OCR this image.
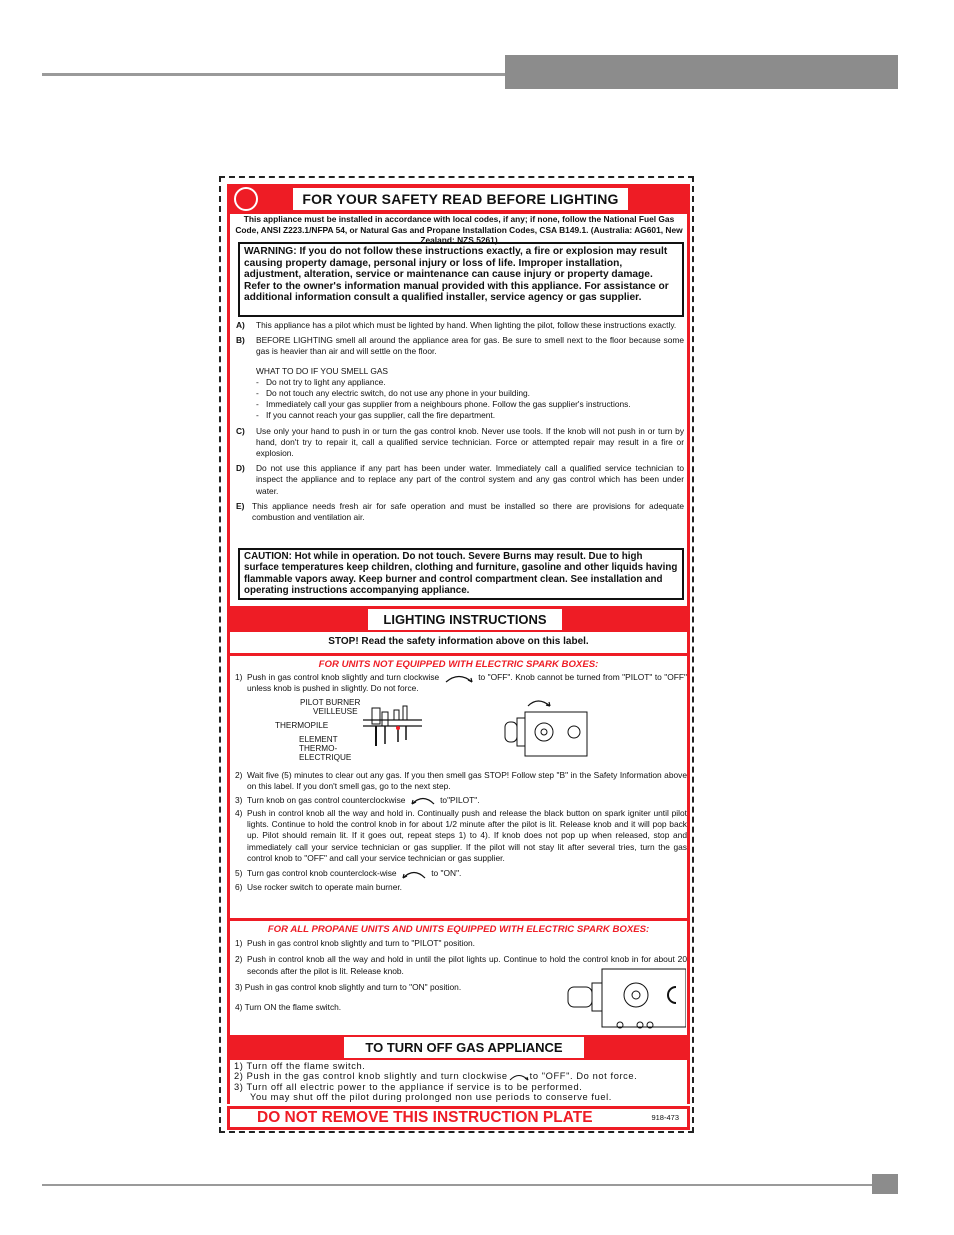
FOR YOUR SAFETY READ BEFORE LIGHTING
This appliance must be installed in accordance with local codes, if any; if none, follow the National Fuel Gas Code, ANSI Z223.1/NFPA 54, or Natural Gas and Propane Installation Codes, CSA B149.1. (Australia: AG601, New Zealand: NZS 5261)
WARNING: If you do not follow these instructions exactly, a fire or explosion may result causing property damage, personal injury or loss of life. Improper installation, adjustment, alteration, service or maintenance can cause injury or property damage. Refer to the owner's information manual provided with this appliance. For assistance or additional information consult a qualified installer, service agency or gas supplier.
A) This appliance has a pilot which must be lighted by hand. When lighting the pilot, follow these instructions exactly.
B) BEFORE LIGHTING smell all around the appliance area for gas. Be sure to smell next to the floor because some gas is heavier than air and will settle on the floor.
WHAT TO DO IF YOU SMELL GAS
- Do not try to light any appliance.
- Do not touch any electric switch, do not use any phone in your building.
- Immediately call your gas supplier from a neighbours phone. Follow the gas supplier's instructions.
- If you cannot reach your gas supplier, call the fire department.
C) Use only your hand to push in or turn the gas control knob. Never use tools. If the knob will not push in or turn by hand, don't try to repair it, call a qualified service technician. Force or attempted repair may result in a fire or explosion.
D) Do not use this appliance if any part has been under water. Immediately call a qualified service technician to inspect the appliance and to replace any part of the control system and any gas control which has been under water.
E) This appliance needs fresh air for safe operation and must be installed so there are provisions for adequate combustion and ventilation air.
CAUTION: Hot while in operation. Do not touch. Severe Burns may result. Due to high surface temperatures keep children, clothing and furniture, gasoline and other liquids having flammable vapors away. Keep burner and control compartment clean. See installation and operating instructions accompanying appliance.
LIGHTING INSTRUCTIONS
STOP! Read the safety information above on this label.
FOR UNITS NOT EQUIPPED WITH ELECTRIC SPARK BOXES:
1) Push in gas control knob slightly and turn clockwise	to "OFF". Knob cannot be turned from "PILOT" to "OFF" unless knob is pushed in slightly. Do not force.
PILOT BURNER
VEILLEUSE
THERMOPILE
ELEMENT
THERMO-
ELECTRIQUE
2) Wait five (5) minutes to clear out any gas. If you then smell gas STOP! Follow step "B" in the Safety Information above on this label. If you don't smell gas, go to the next step.
3) Turn knob on gas control counterclockwise	to"PILOT".
4) Push in control knob all the way and hold in. Continually push and release the black button on spark igniter until pilot lights. Continue to hold the control knob in for about 1/2 minute after the pilot is lit. Release knob and it will pop back up. Pilot should remain lit. If it goes out, repeat steps 1) to 4). If knob does not pop up when released, stop and immediately call your service technician or gas supplier. If the pilot will not stay lit after several tries, turn the gas control knob to "OFF" and call your service technician or gas supplier.
5) Turn gas control knob counterclock-wise	to "ON".
6) Use rocker switch to operate main burner.
FOR ALL PROPANE UNITS AND UNITS EQUIPPED WITH ELECTRIC SPARK BOXES:
1) Push in gas control knob slightly and turn to "PILOT" position.
2) Push in control knob all the way and hold in until the pilot lights up. Continue to hold the control knob in for about 20 seconds after the pilot is lit. Release knob.
3) Push in gas control knob slightly and turn to "ON" position.
4) Turn ON the flame switch.
TO TURN OFF GAS APPLIANCE
1) Turn off the flame switch.
2) Push in the gas control knob slightly and turn clockwise to "OFF". Do not force.
3) Turn off all electric power to the appliance if service is to be performed.
You may shut off the pilot during prolonged non use periods to conserve fuel.
DO NOT REMOVE THIS INSTRUCTION PLATE	918-473
